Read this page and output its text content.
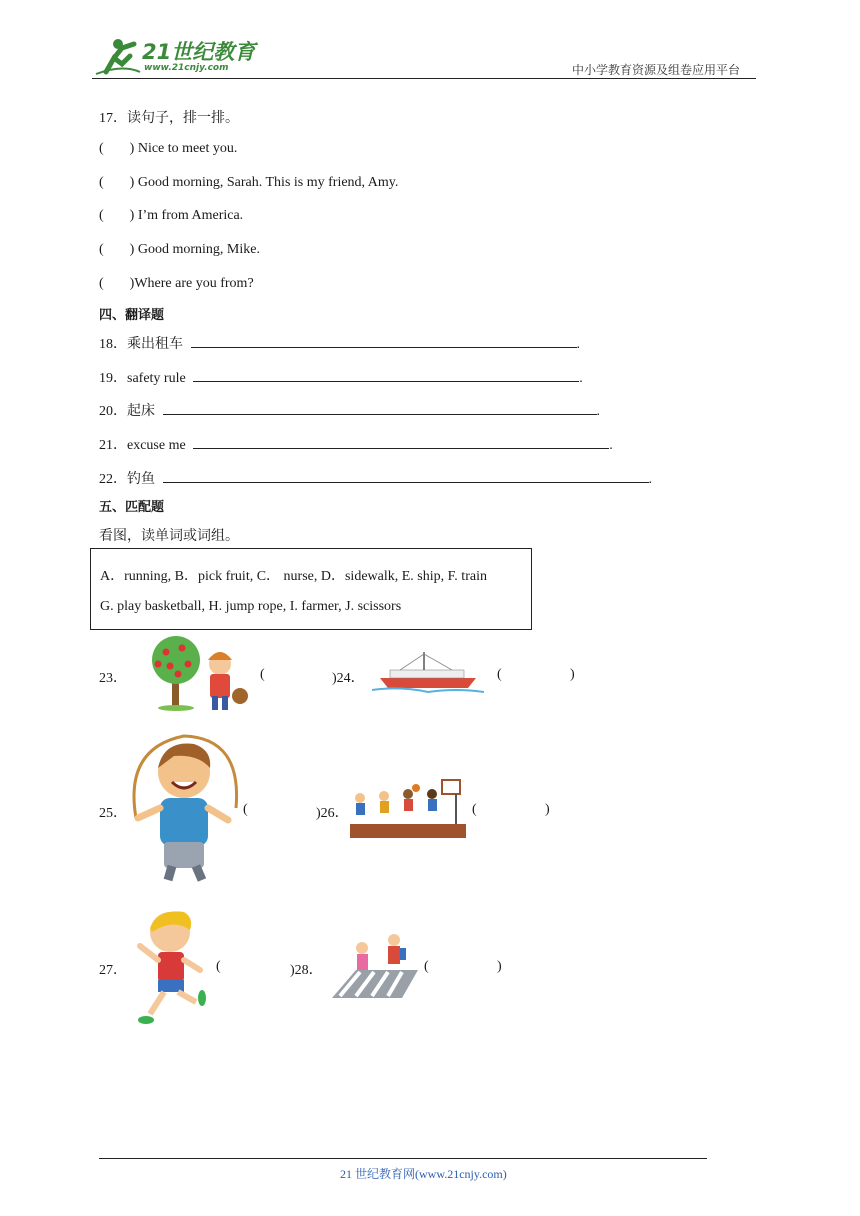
21世纪教育
www.21cnjy.com	中小学教育资源及组卷应用平台
17．读句子，排一排。
( ) Nice to meet you.
( ) Good morning, Sarah. This is my friend, Amy.
( ) I’m from America.
( ) Good morning, Mike.
( )Where are you from?
四、翻译题
18．乘出租车	.
19．safety rule	.
20．起床	.
21．excuse me	.
22．钓鱼	.
五、匹配题
看图，读单词或词组。
A．running, B．pick fruit, C． nurse, D．sidewalk, E. ship, F. train
G. play basketball, H. jump rope, I. farmer, J. scissors
23．	(	)24．	(	)
25．	(	)26．	(	)
27．	(	)28．	(	)
21 世纪教育网(www.21cnjy.com)
